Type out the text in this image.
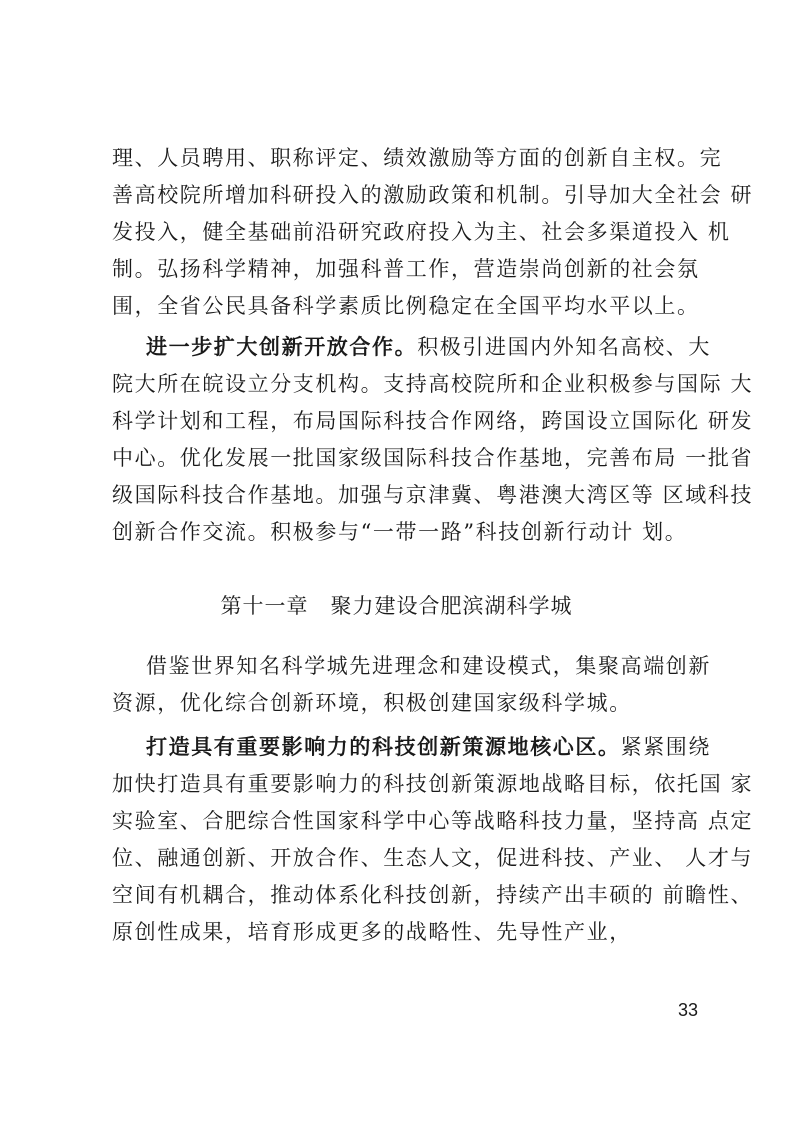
理、人员聘用、职称评定、绩效激励等方面的创新自主权。完
善高校院所增加科研投入的激励政策和机制。引导加大全社会 研
发投入，健全基础前沿研究政府投入为主、社会多渠道投入 机
制。弘扬科学精神，加强科普工作，营造崇尚创新的社会氛
围，全省公民具备科学素质比例稳定在全国平均水平以上。
进一步扩大创新开放合作。积极引进国内外知名高校、大
院大所在皖设立分支机构。支持高校院所和企业积极参与国际 大
科学计划和工程，布局国际科技合作网络，跨国设立国际化 研发
中心。优化发展一批国家级国际科技合作基地，完善布局 一批省
级国际科技合作基地。加强与京津冀、粤港澳大湾区等 区域科技
创新合作交流。积极参与“一带一路”科技创新行动计 划。
第十一章 聚力建设合肥滨湖科学城
借鉴世界知名科学城先进理念和建设模式，集聚高端创新
资源，优化综合创新环境，积极创建国家级科学城。
打造具有重要影响力的科技创新策源地核心区。紧紧围绕
加快打造具有重要影响力的科技创新策源地战略目标，依托国 家
实验室、合肥综合性国家科学中心等战略科技力量，坚持高 点定
位、融通创新、开放合作、生态人文，促进科技、产业、 人才与
空间有机耦合，推动体系化科技创新，持续产出丰硕的 前瞻性、
原创性成果，培育形成更多的战略性、先导性产业，
33
